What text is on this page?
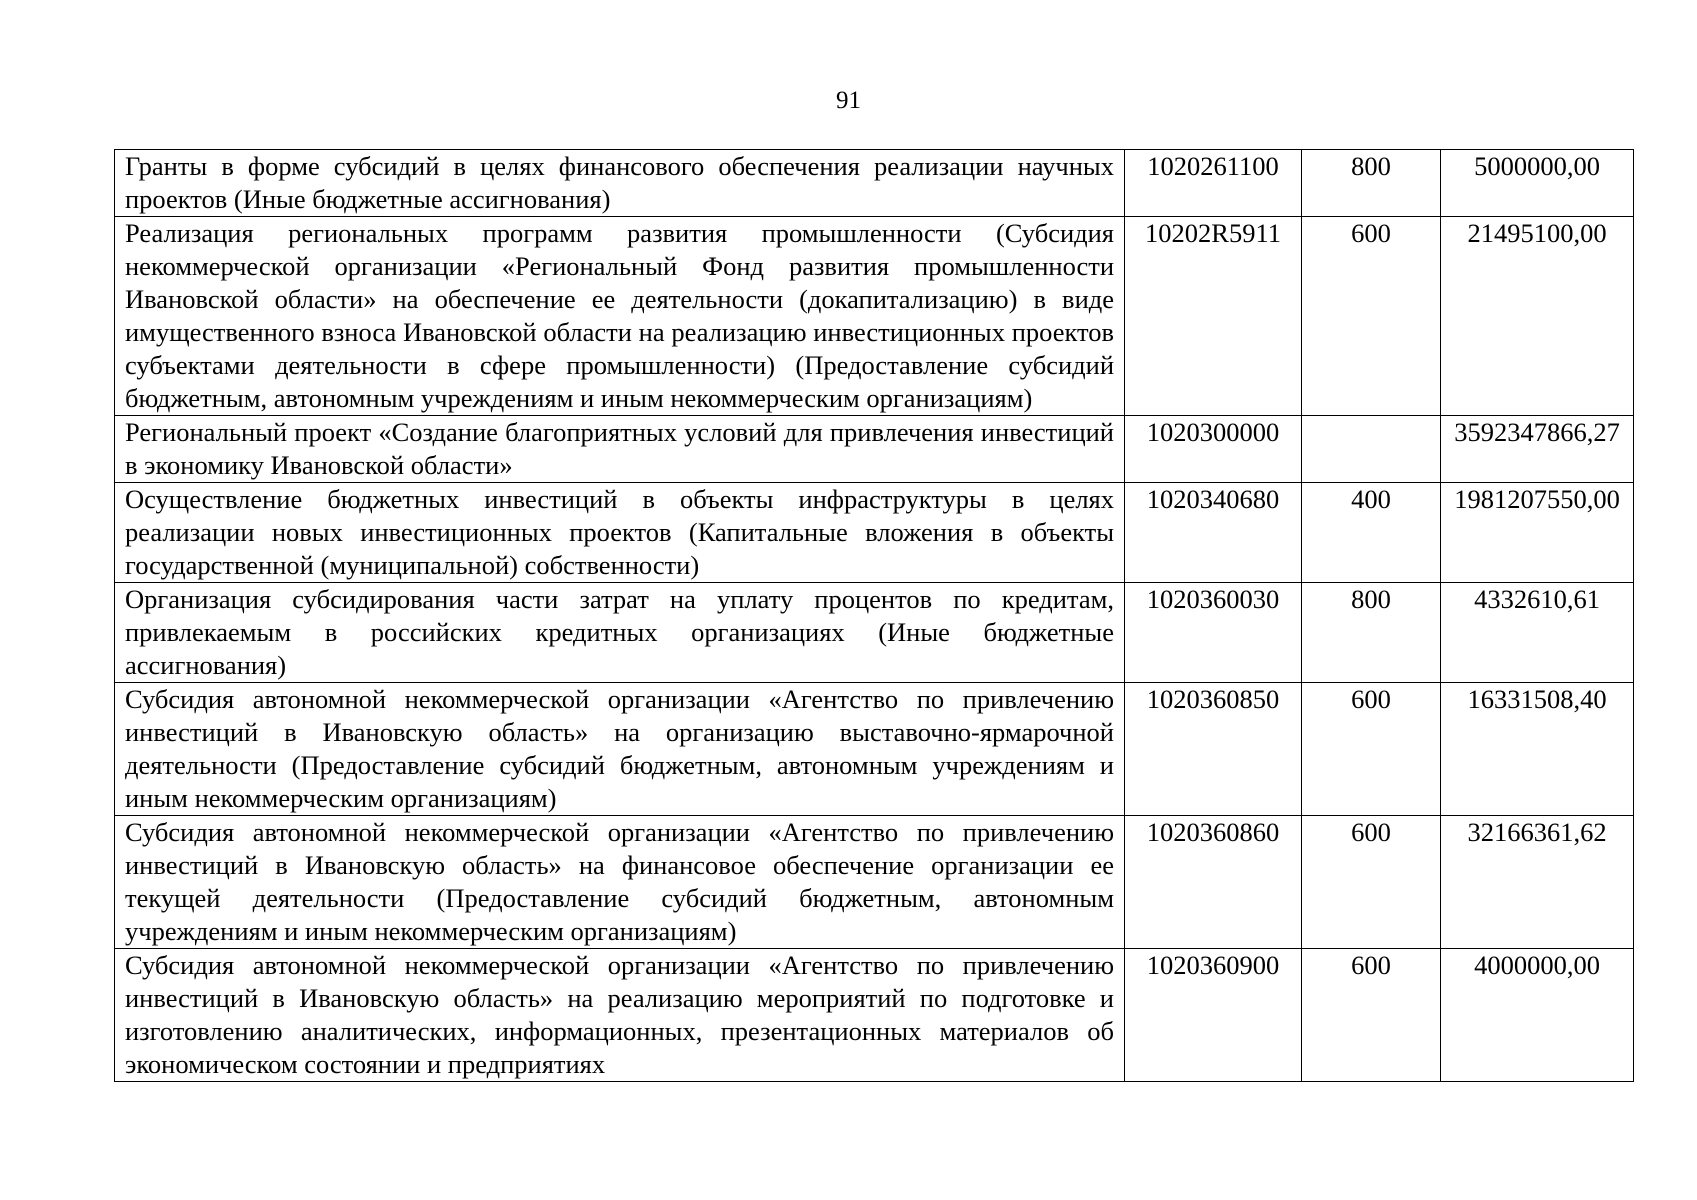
91
Гранты в форме субсидий в целях финансового обеспечения реализации научных проектов (Иные бюджетные ассигнования)	1020261100	800	5000000,00
Реализация региональных программ развития промышленности (Субсидия некоммерческой организации «Региональный Фонд развития промышленности Ивановской области» на обеспечение ее деятельности (докапитализацию) в виде имущественного взноса Ивановской области на реализацию инвестиционных проектов субъектами деятельности в сфере промышленности) (Предоставление субсидий бюджетным, автономным учреждениям и иным некоммерческим организациям)	10202R5911	600	21495100,00
Региональный проект «Создание благоприятных условий для привлечения инвестиций в экономику Ивановской области»	1020300000		3592347866,27
Осуществление бюджетных инвестиций в объекты инфраструктуры в целях реализации новых инвестиционных проектов (Капитальные вложения в объекты государственной (муниципальной) собственности)	1020340680	400	1981207550,00
Организация субсидирования части затрат на уплату процентов по кредитам, привлекаемым в российских кредитных организациях (Иные бюджетные ассигнования)	1020360030	800	4332610,61
Субсидия автономной некоммерческой организации «Агентство по привлечению инвестиций в Ивановскую область» на организацию выставочно-ярмарочной деятельности (Предоставление субсидий бюджетным, автономным учреждениям и иным некоммерческим организациям)	1020360850	600	16331508,40
Субсидия автономной некоммерческой организации «Агентство по привлечению инвестиций в Ивановскую область» на финансовое обеспечение организации ее текущей деятельности (Предоставление субсидий бюджетным, автономным учреждениям и иным некоммерческим организациям)	1020360860	600	32166361,62
Субсидия автономной некоммерческой организации «Агентство по привлечению инвестиций в Ивановскую область» на реализацию мероприятий по подготовке и изготовлению аналитических, информационных, презентационных материалов об экономическом состоянии и предприятиях	1020360900	600	4000000,00
